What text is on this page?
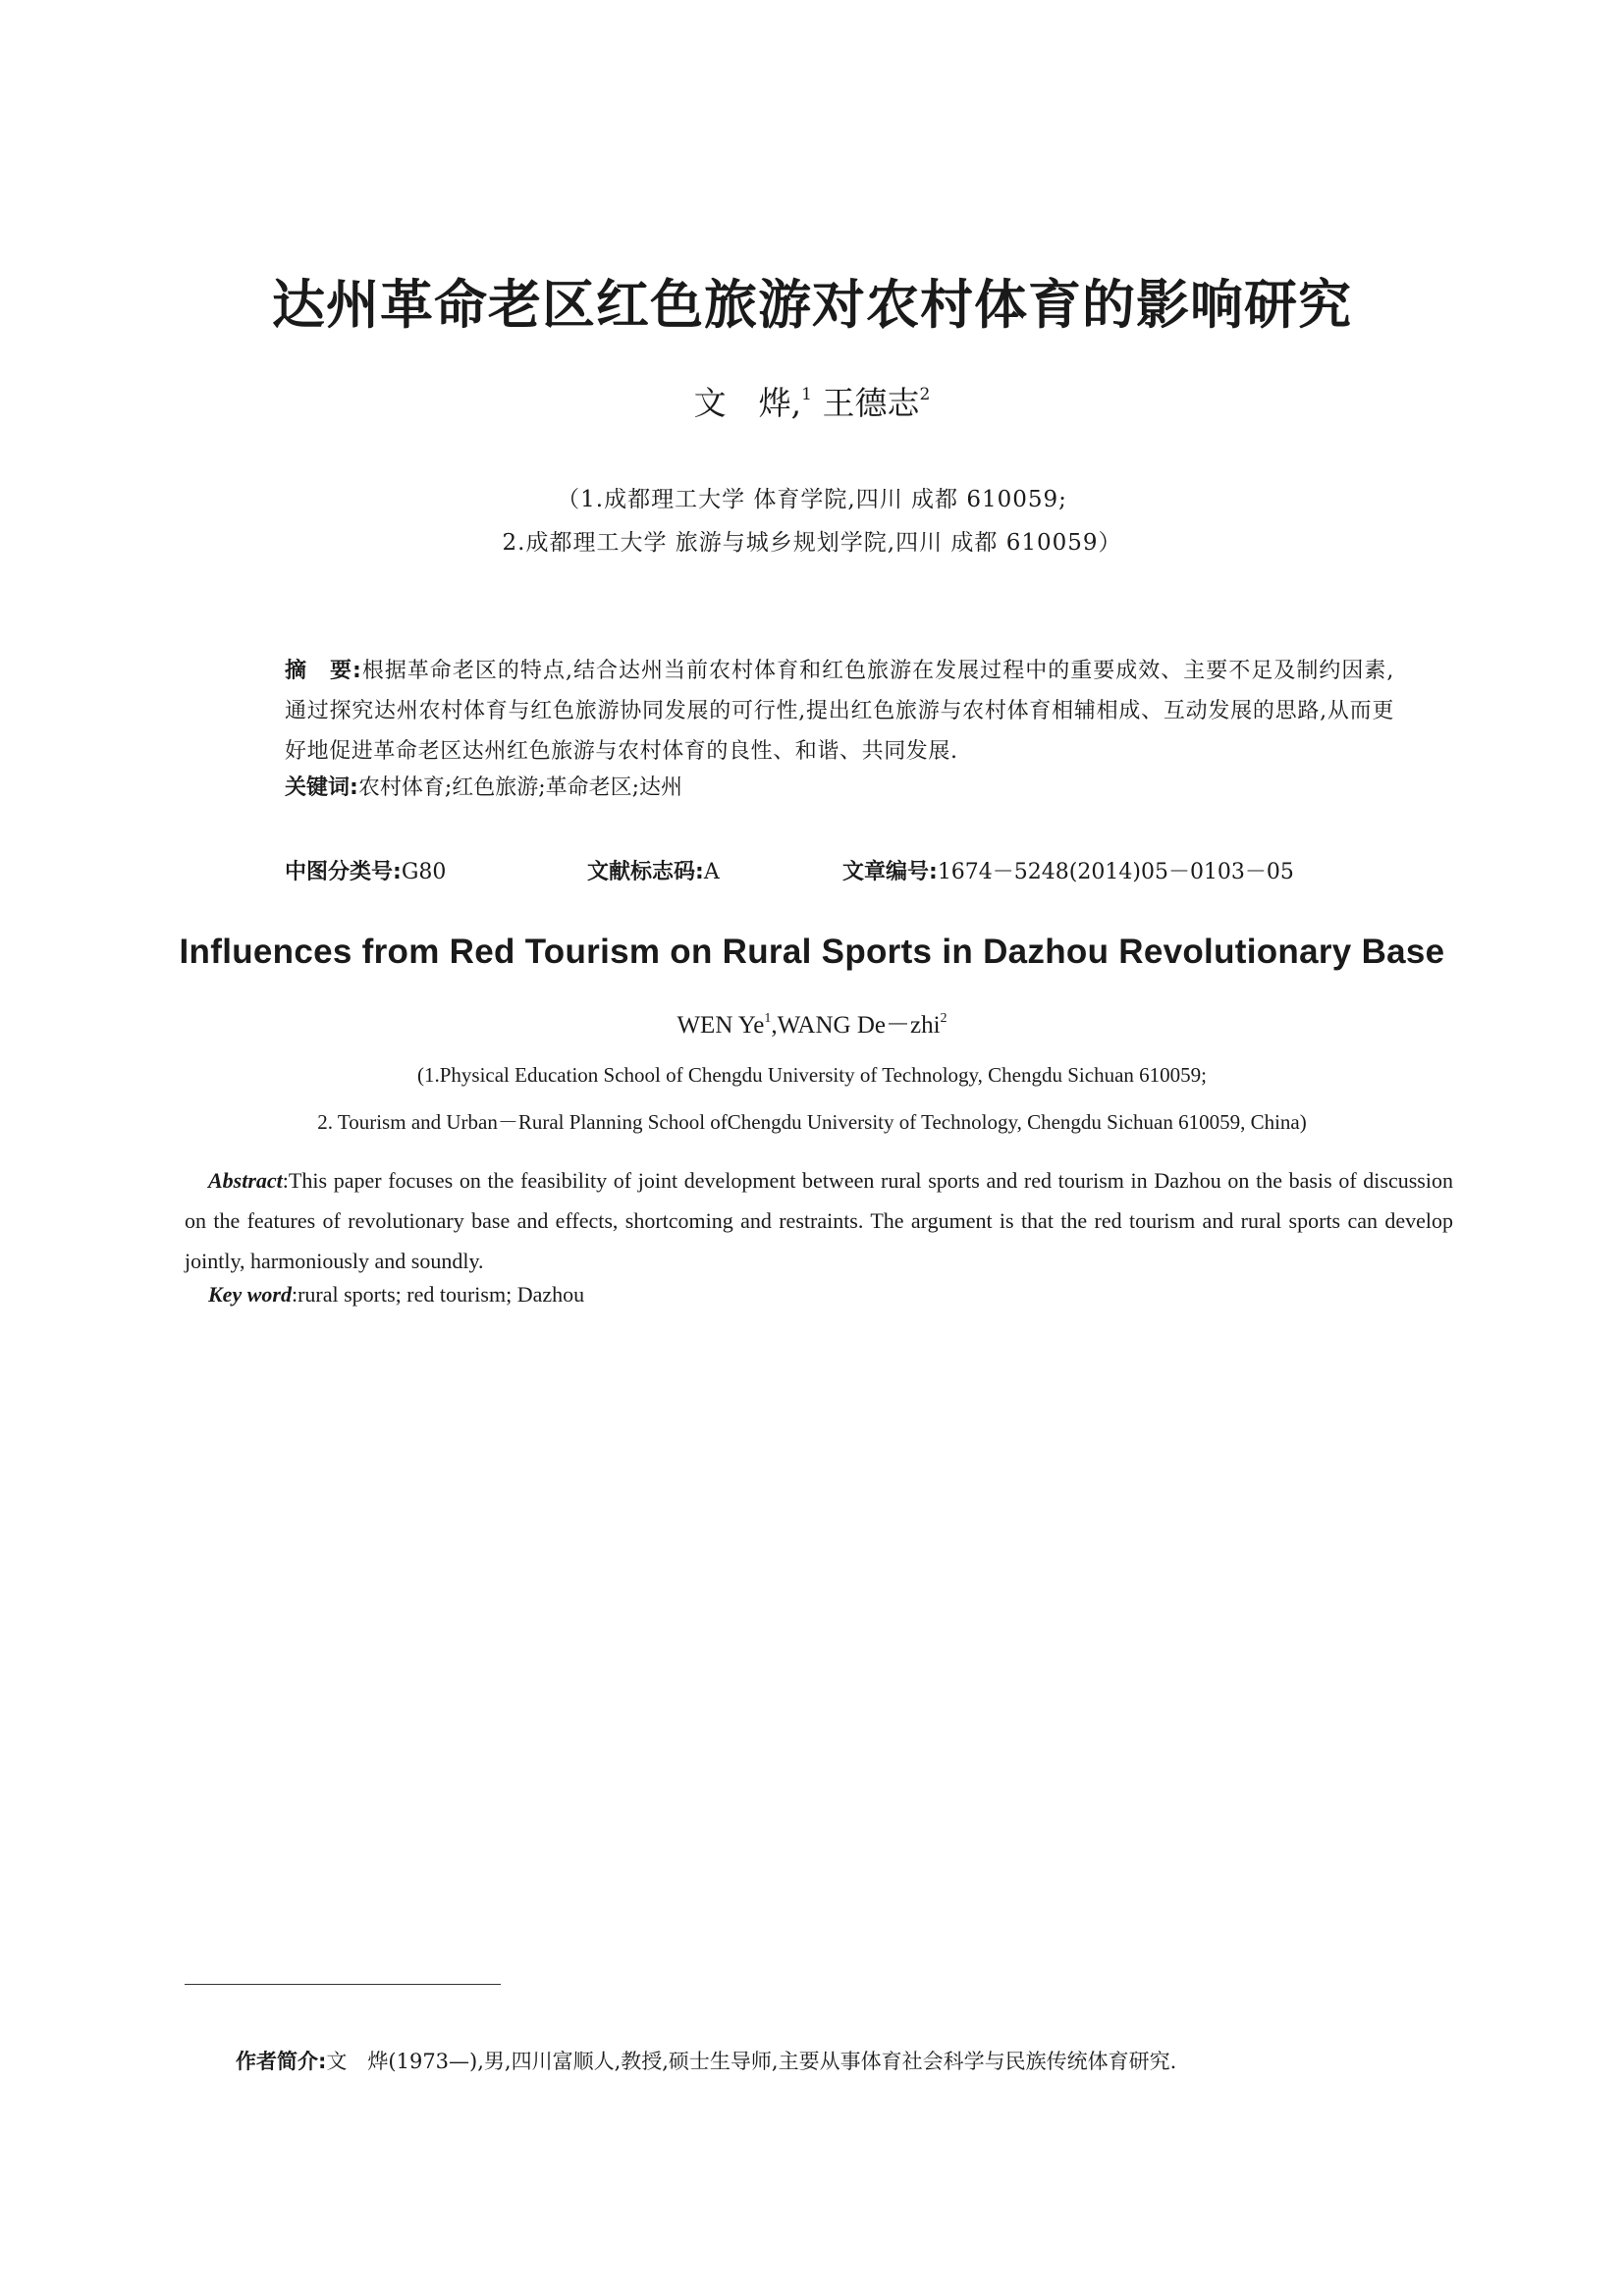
达州革命老区红色旅游对农村体育的影响研究
文　烨,$^1$ 王德志$^2$
（1.成都理工大学 体育学院,四川 成都 610059;
2.成都理工大学 旅游与城乡规划学院,四川 成都 610059）
摘　要:根据革命老区的特点,结合达州当前农村体育和红色旅游在发展过程中的重要成效、主要不足及制约因素,通过探究达州农村体育与红色旅游协同发展的可行性,提出红色旅游与农村体育相辅相成、互动发展的思路,从而更好地促进革命老区达州红色旅游与农村体育的良性、和谐、共同发展.
关键词:农村体育;红色旅游;革命老区;达州
中图分类号:G80	文献标志码:A	文章编号:1674－5248(2014)05－0103－05
Influences from Red Tourism on Rural Sports in Dazhou Revolutionary Base
WEN Ye$^1$,WANG De－zhi$^2$
(1.Physical Education School of Chengdu University of Technology, Chengdu Sichuan 610059;
2. Tourism and Urban－Rural Planning School ofChengdu University of Technology, Chengdu Sichuan 610059, China)
Abstract:This paper focuses on the feasibility of joint development between rural sports and red tourism in Dazhou on the basis of discussion on the features of revolutionary base and effects, shortcoming and restraints. The argument is that the red tourism and rural sports can develop jointly, harmoniously and soundly.
Key word:rural sports; red tourism; Dazhou
作者简介:文　烨(1973—),男,四川富顺人,教授,硕士生导师,主要从事体育社会科学与民族传统体育研究.
